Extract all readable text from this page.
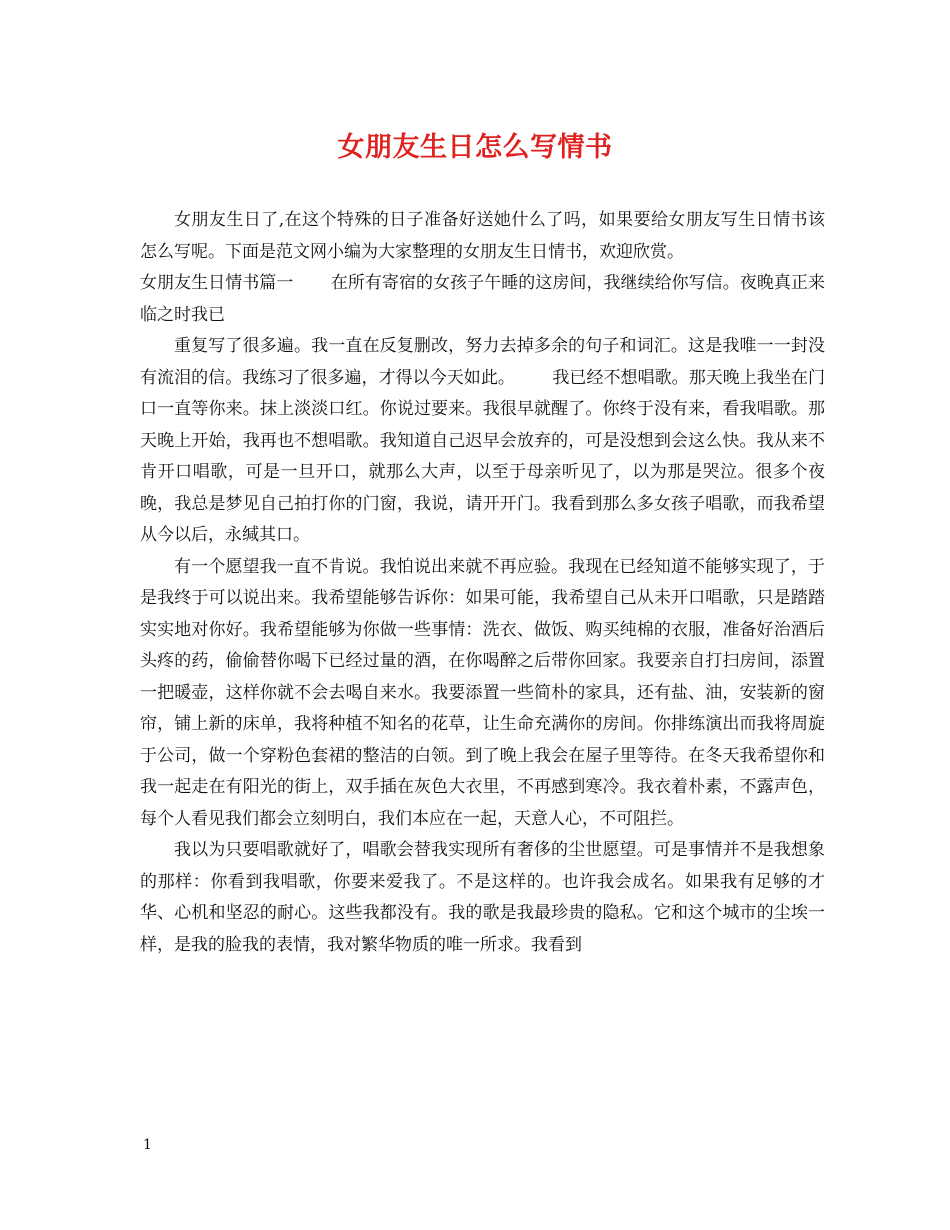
女朋友生日怎么写情书

女朋友生日了,在这个特殊的日子准备好送她什么了吗，如果要给女朋友写生日情书该怎么写呢。下面是范文网小编为大家整理的女朋友生日情书，欢迎欣赏。

女朋友生日情书篇一 在所有寄宿的女孩子午睡的这房间，我继续给你写信。夜晚真正来临之时我已

重复写了很多遍。我一直在反复删改，努力去掉多余的句子和词汇。这是我唯一一封没有流泪的信。我练习了很多遍，才得以今天如此。 我已经不想唱歌。那天晚上我坐在门口一直等你来。抹上淡淡口红。你说过要来。我很早就醒了。你终于没有来，看我唱歌。那天晚上开始，我再也不想唱歌。我知道自己迟早会放弃的，可是没想到会这么快。我从来不肯开口唱歌，可是一旦开口，就那么大声，以至于母亲听见了，以为那是哭泣。很多个夜晚，我总是梦见自己拍打你的门窗，我说，请开开门。我看到那么多女孩子唱歌，而我希望从今以后，永缄其口。

有一个愿望我一直不肯说。我怕说出来就不再应验。我现在已经知道不能够实现了，于是我终于可以说出来。我希望能够告诉你：如果可能，我希望自己从未开口唱歌，只是踏踏实实地对你好。我希望能够为你做一些事情：洗衣、做饭、购买纯棉的衣服，准备好治酒后头疼的药，偷偷替你喝下已经过量的酒，在你喝醉之后带你回家。我要亲自打扫房间，添置一把暖壶，这样你就不会去喝自来水。我要添置一些简朴的家具，还有盐、油，安装新的窗帘，铺上新的床单，我将种植不知名的花草，让生命充满你的房间。你排练演出而我将周旋于公司，做一个穿粉色套裙的整洁的白领。到了晚上我会在屋子里等待。在冬天我希望你和我一起走在有阳光的街上，双手插在灰色大衣里，不再感到寒冷。我衣着朴素，不露声色，每个人看见我们都会立刻明白，我们本应在一起，天意人心，不可阻拦。

我以为只要唱歌就好了，唱歌会替我实现所有奢侈的尘世愿望。可是事情并不是我想象的那样：你看到我唱歌，你要来爱我了。不是这样的。也许我会成名。如果我有足够的才华、心机和坚忍的耐心。这些我都没有。我的歌是我最珍贵的隐私。它和这个城市的尘埃一样，是我的脸我的表情，我对繁华物质的唯一所求。我看到

1
